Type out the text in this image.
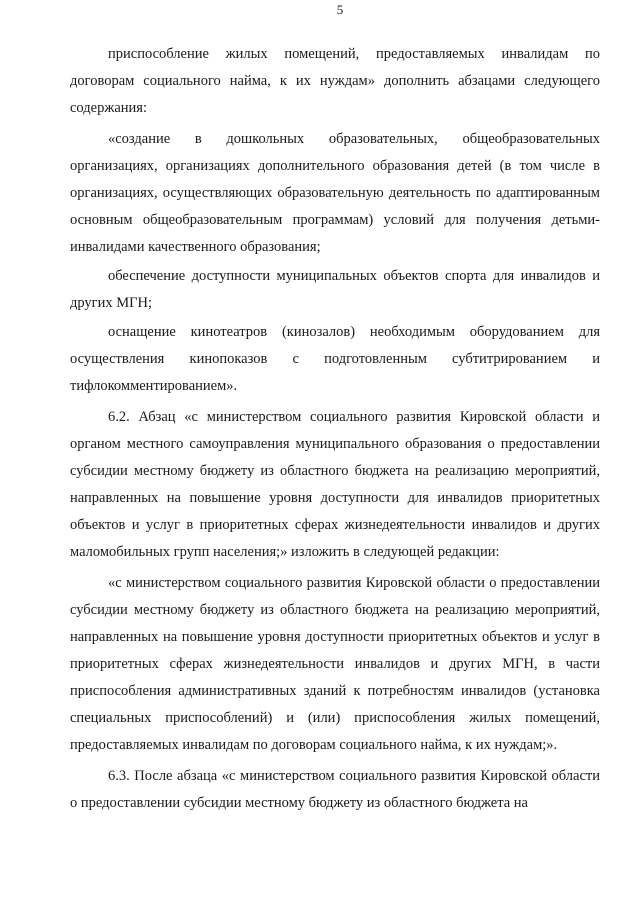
5

приспособление жилых помещений, предоставляемых инвалидам по договорам социального найма, к их нуждам» дополнить абзацами следующего содержания:

«создание в дошкольных образовательных, общеобразовательных организациях, организациях дополнительного образования детей (в том числе в организациях, осуществляющих образовательную деятельность по адаптированным основным общеобразовательным программам) условий для получения детьми-инвалидами качественного образования;

обеспечение доступности муниципальных объектов спорта для инвалидов и других МГН;

оснащение кинотеатров (кинозалов) необходимым оборудованием для осуществления кинопоказов с подготовленным субтитрированием и тифлокомментированием».

6.2. Абзац «с министерством социального развития Кировской области и органом местного самоуправления муниципального образования о предоставлении субсидии местному бюджету из областного бюджета на реализацию мероприятий, направленных на повышение уровня доступности для инвалидов приоритетных объектов и услуг в приоритетных сферах жизнедеятельности инвалидов и других маломобильных групп населения;» изложить в следующей редакции:

«с министерством социального развития Кировской области о предоставлении субсидии местному бюджету из областного бюджета на реализацию мероприятий, направленных на повышение уровня доступности приоритетных объектов и услуг в приоритетных сферах жизнедеятельности инвалидов и других МГН, в части приспособления административных зданий к потребностям инвалидов (установка специальных приспособлений) и (или) приспособления жилых помещений, предоставляемых инвалидам по договорам социального найма, к их нуждам;».

6.3. После абзаца «с министерством социального развития Кировской области о предоставлении субсидии местному бюджету из областного бюджета на
